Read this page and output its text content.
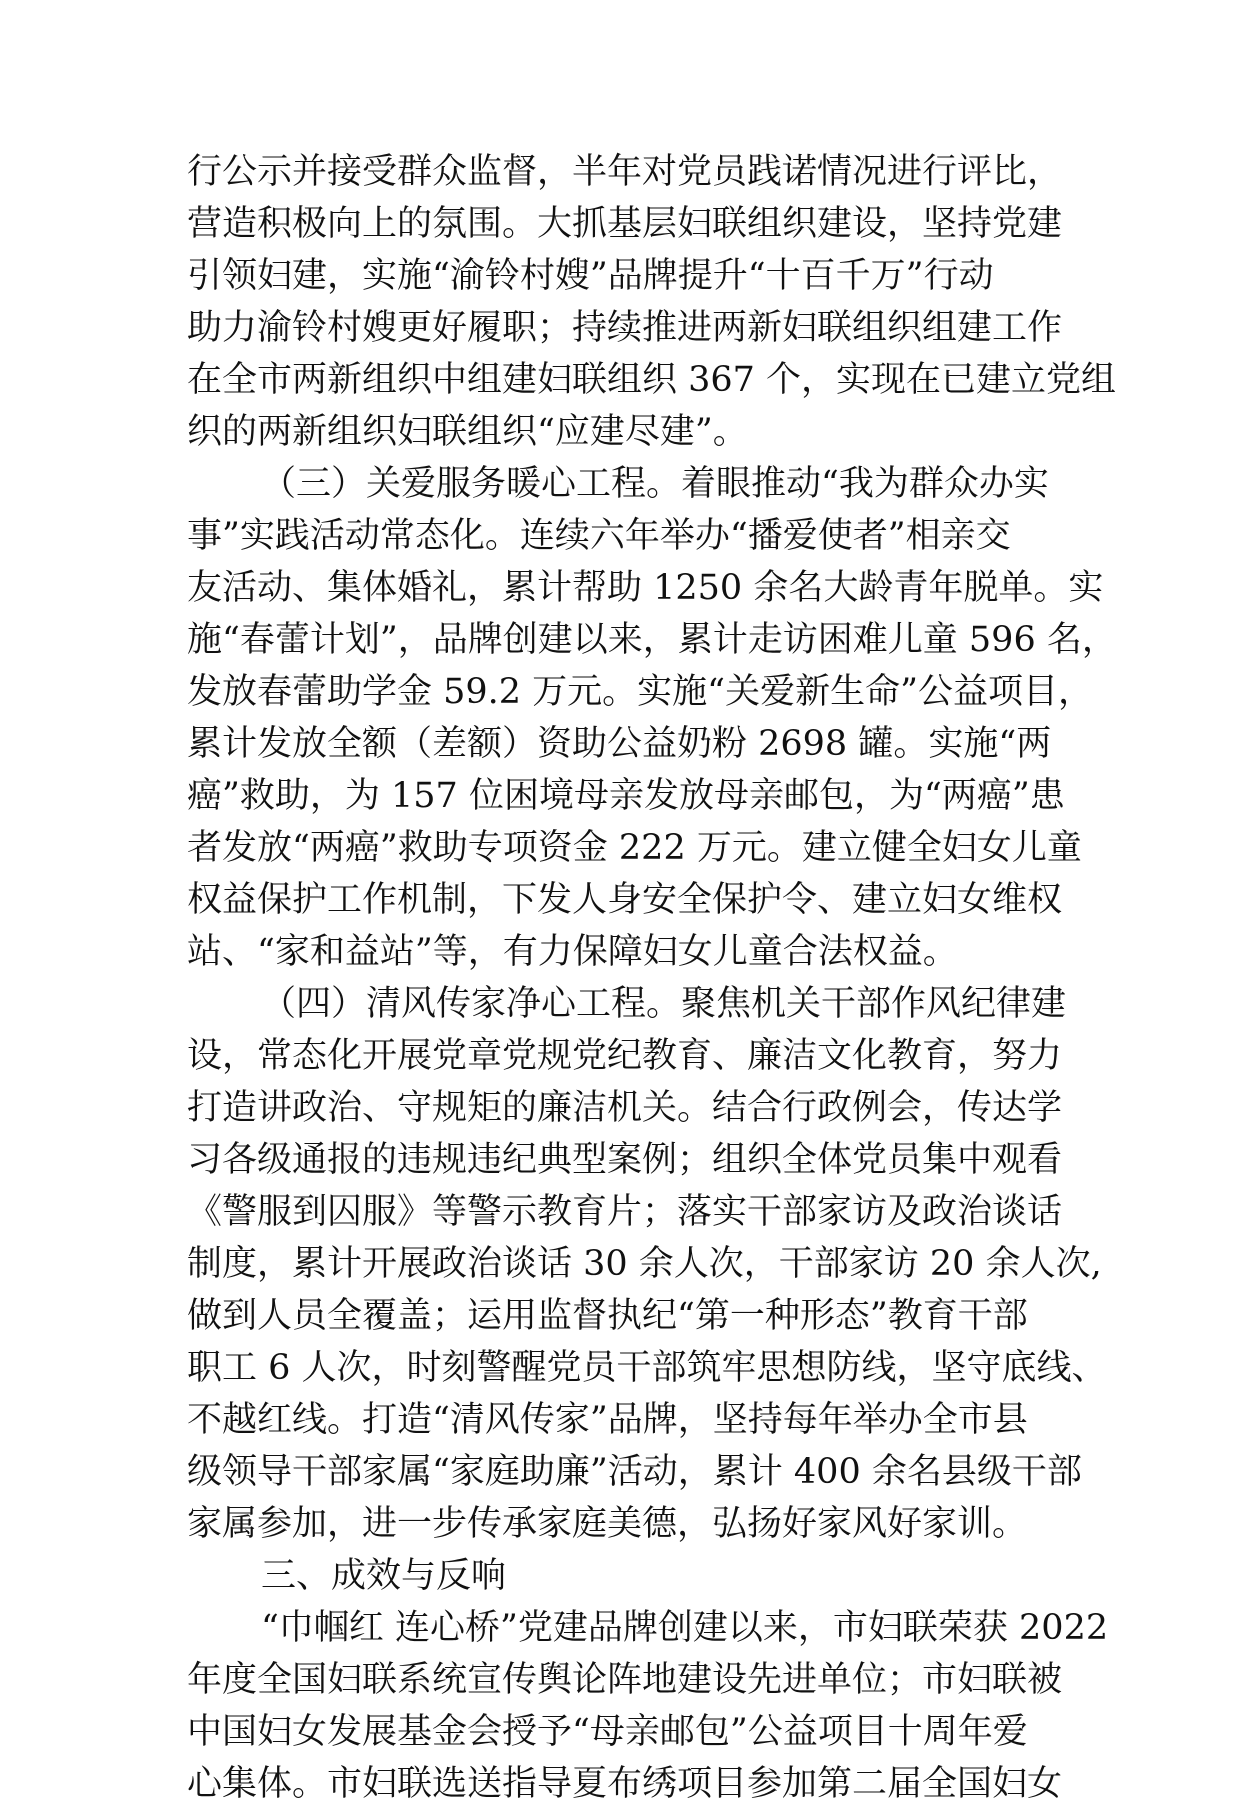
行公示并接受群众监督，半年对党员践诺情况进行评比，
营造积极向上的氛围。大抓基层妇联组织建设，坚持党建
引领妇建，实施“渝铃村嫂”品牌提升“十百千万”行动
助力渝铃村嫂更好履职；持续推进两新妇联组织组建工作
在全市两新组织中组建妇联组织 367 个，实现在已建立党组
织的两新组织妇联组织“应建尽建”。
（三）关爱服务暖心工程。着眼推动“我为群众办实
事”实践活动常态化。连续六年举办“播爱使者”相亲交
友活动、集体婚礼，累计帮助 1250 余名大龄青年脱单。实
施“春蕾计划”，品牌创建以来，累计走访困难儿童 596 名，
发放春蕾助学金 59.2 万元。实施“关爱新生命”公益项目，
累计发放全额（差额）资助公益奶粉 2698 罐。实施“两
癌”救助，为 157 位困境母亲发放母亲邮包，为“两癌”患
者发放“两癌”救助专项资金 222 万元。建立健全妇女儿童
权益保护工作机制，下发人身安全保护令、建立妇女维权
站、“家和益站”等，有力保障妇女儿童合法权益。
（四）清风传家净心工程。聚焦机关干部作风纪律建
设，常态化开展党章党规党纪教育、廉洁文化教育，努力
打造讲政治、守规矩的廉洁机关。结合行政例会，传达学
习各级通报的违规违纪典型案例；组织全体党员集中观看
《警服到囚服》等警示教育片；落实干部家访及政治谈话
制度，累计开展政治谈话 30 余人次，干部家访 20 余人次,
做到人员全覆盖；运用监督执纪“第一种形态”教育干部
职工 6 人次，时刻警醒党员干部筑牢思想防线，坚守底线、
不越红线。打造“清风传家”品牌，坚持每年举办全市县
级领导干部家属“家庭助廉”活动，累计 400 余名县级干部
家属参加，进一步传承家庭美德，弘扬好家风好家训。
三、成效与反响
“巾帼红 连心桥”党建品牌创建以来，市妇联荣获 2022
年度全国妇联系统宣传舆论阵地建设先进单位；市妇联被
中国妇女发展基金会授予“母亲邮包”公益项目十周年爱
心集体。市妇联选送指导夏布绣项目参加第二届全国妇女
